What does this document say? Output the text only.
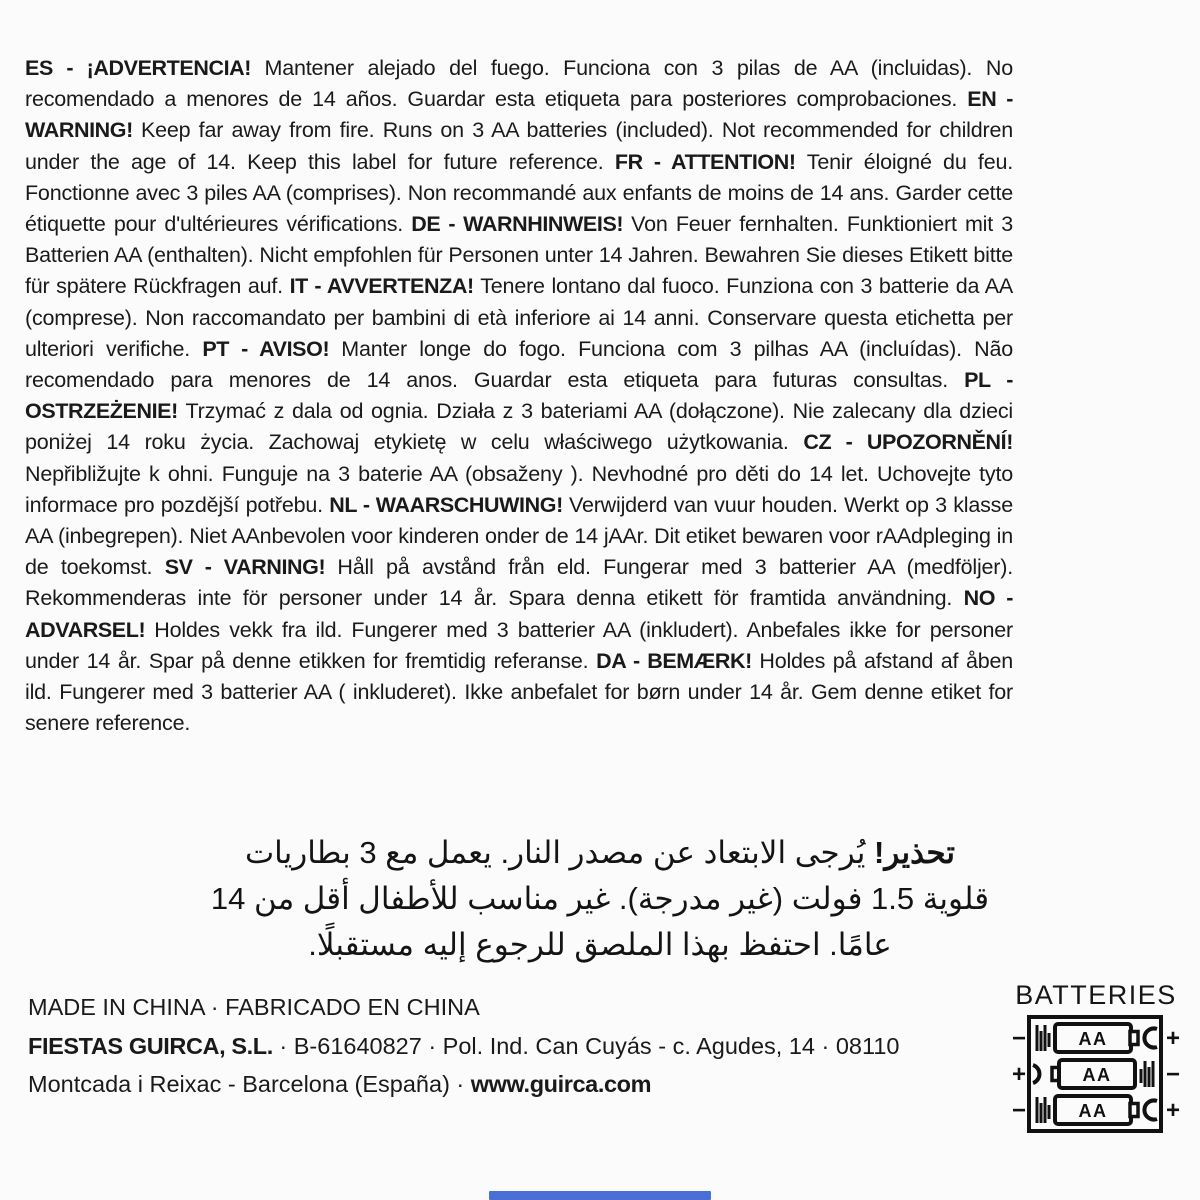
ES - ¡ADVERTENCIA! Mantener alejado del fuego. Funciona con 3 pilas de AA (incluidas). No recomendado a menores de 14 años. Guardar esta etiqueta para posteriores comprobaciones. EN - WARNING! Keep far away from fire. Runs on 3 AA batteries (included). Not recommended for children under the age of 14. Keep this label for future reference. FR - ATTENTION! Tenir éloigné du feu. Fonctionne avec 3 piles AA (comprises). Non recommandé aux enfants de moins de 14 ans. Garder cette étiquette pour d'ultérieures vérifications. DE - WARNHINWEIS! Von Feuer fernhalten. Funktioniert mit 3 Batterien AA (enthalten). Nicht empfohlen für Personen unter 14 Jahren. Bewahren Sie dieses Etikett bitte für spätere Rückfragen auf. IT - AVVERTENZA! Tenere lontano dal fuoco. Funziona con 3 batterie da AA (comprese). Non raccomandato per bambini di età inferiore ai 14 anni. Conservare questa etichetta per ulteriori verifiche. PT - AVISO! Manter longe do fogo. Funciona com 3 pilhas AA (incluídas). Não recomendado para menores de 14 anos. Guardar esta etiqueta para futuras consultas. PL - OSTRZEŻENIE! Trzymać z dala od ognia. Działa z 3 bateriami AA (dołączone). Nie zalecany dla dzieci poniżej 14 roku życia. Zachowaj etykietę w celu właściwego użytkowania. CZ - UPOZORNĚNÍ! Nepřibližujte k ohni. Funguje na 3 baterie AA (obsaženy ). Nevhodné pro děti do 14 let. Uchovejte tyto informace pro pozdější potřebu. NL - WAARSCHUWING! Verwijderd van vuur houden. Werkt op 3 klasse AA (inbegrepen). Niet AAnbevolen voor kinderen onder de 14 jAAr. Dit etiket bewaren voor rAAdpleging in de toekomst. SV - VARNING! Håll på avstånd från eld. Fungerar med 3 batterier AA (medföljer). Rekommenderas inte för personer under 14 år. Spara denna etikett för framtida användning. NO - ADVARSEL! Holdes vekk fra ild. Fungerer med 3 batterier AA (inkludert). Anbefales ikke for personer under 14 år. Spar på denne etikken for fremtidig referanse. DA - BEMÆRK! Holdes på afstand af åben ild. Fungerer med 3 batterier AA ( inkluderet). Ikke anbefalet for børn under 14 år. Gem denne etiket for senere reference.

تحذير! يُرجى الابتعاد عن مصدر النار. يعمل مع 3 بطاريات
قلوية 1.5 فولت (غير مدرجة). غير مناسب للأطفال أقل من 14
عامًا. احتفظ بهذا الملصق للرجوع إليه مستقبلًا.
MADE IN CHINA · FABRICADO EN CHINA
FIESTAS GUIRCA, S.L. · B-61640827 · Pol. Ind. Can Cuyás - c. Agudes, 14 · 08110
Montcada i Reixac - Barcelona (España) · www.guirca.com
BATTERIES
AA
AA
AA
−	+
+	−
−	+
